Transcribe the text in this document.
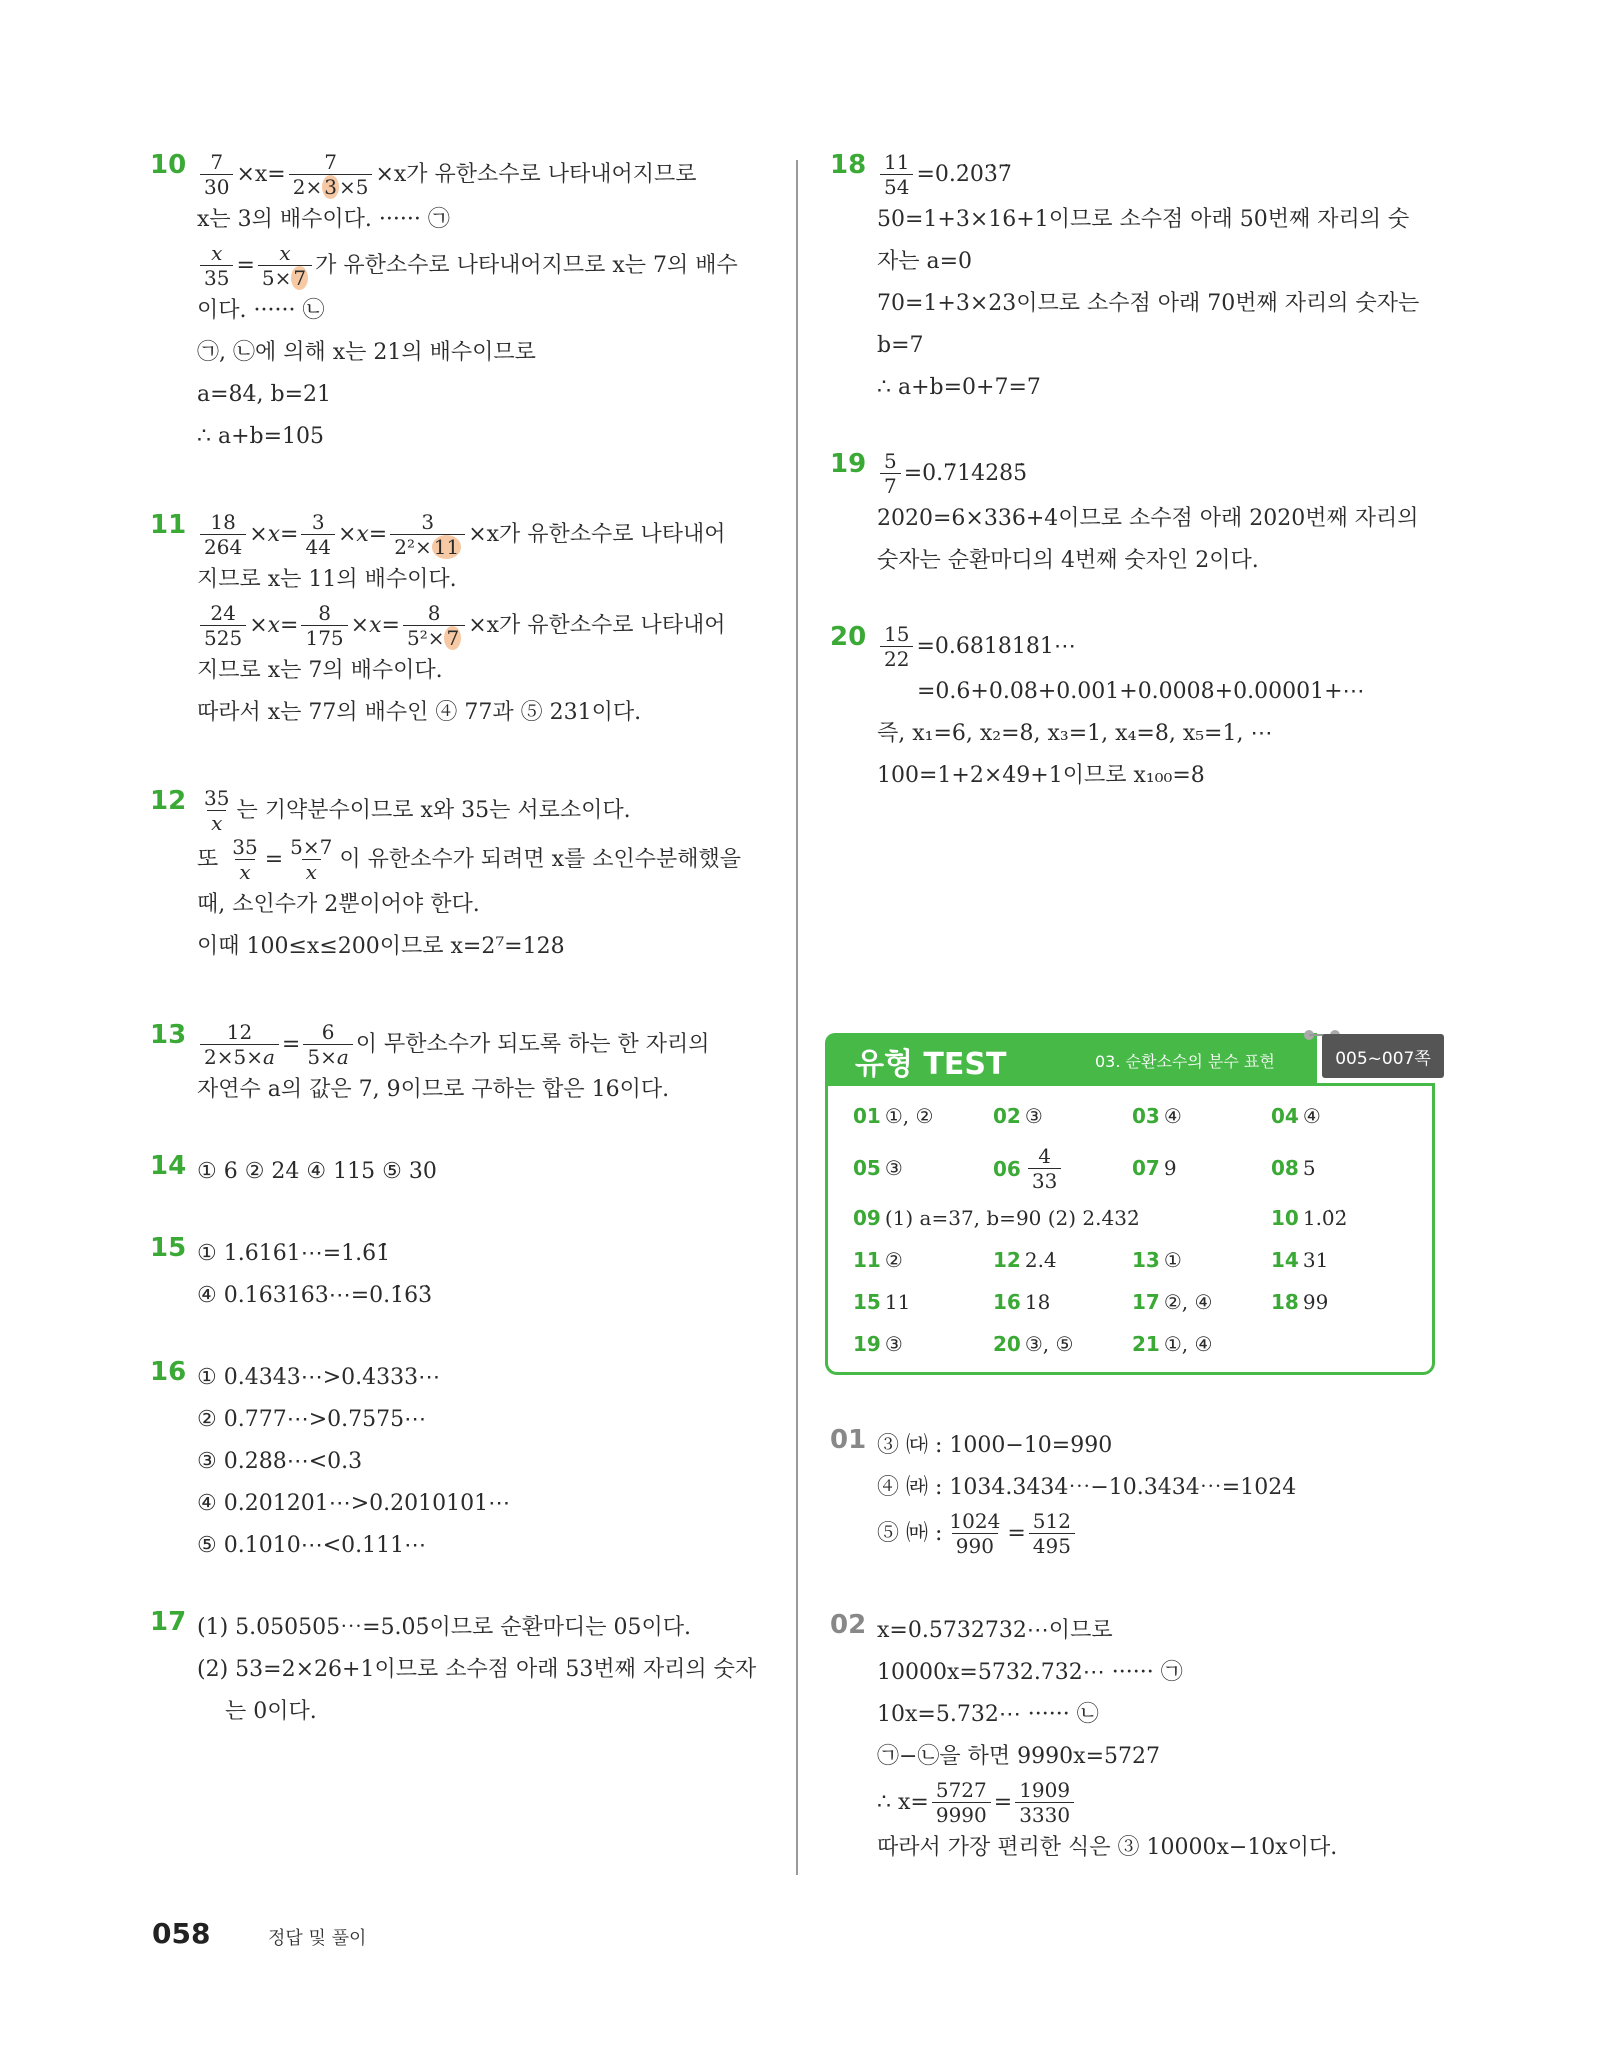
$10 \frac{7}{30} \times x= \frac{7}{2\times 3 \times 5} \times x$가 유한소수로 나타내어지므로
x는 3의 배수이다. ······ ㉠
$\frac{x}{35} = \frac{x}{5\times 7}$ 가 유한소수로 나타내어지므로 x는 7의 배수
이다. ······ ㉡
㉠, ㉡에 의해 x는 21의 배수이므로
a=84, b=21
∴ a+b=105
$11 \frac{18}{264} \times x = \frac{3}{44} \times x = \frac{3}{\text{2²× 11}} \times x$가 유한소수로 나타내어
지므로 x는 11의 배수이다.
$\frac{24}{525} \times x = \frac{8}{175} \times x = \frac{8}{\text{5²× 7}} \times x$가 유한소수로 나타내어
지므로 x는 7의 배수이다.
따라서 x는 77의 배수인 ④ 77과 ⑤ 231이다.
$12 \frac{35}{x}$ 는 기약분수이므로 x와 35는 서로소이다.
또
$\frac{35}{x} = \frac{5\times 7}{x}$ 이 유한소수가 되려면 x를 소인수분해했을
때, 소인수가 2뿐이어야 한다.
이때 100≤x≤200이므로 x=2⁷=128
$13 \frac{12}{2\times 5\times a} = \frac{6}{5\times a}$ 이 무한소수가 되도록 하는 한 자리의
자연수 a의 값은 7, 9이므로 구하는 합은 16이다.
14 ① 6 ② 24 ④ 115 ⑤ 30
15 ① 1.6161⋯=1.6̇1̇
④ 0.163163⋯=0.1̇63̇
16 ① 0.4343⋯>0.4333⋯
② 0.777⋯>0.7575⋯
③ 0.288⋯<0.3
④ 0.201201⋯>0.2010101⋯
⑤ 0.1010⋯<0.111⋯
17 (1) 5.050505⋯=5.0̇5̇이므로 순환마디는 05이다.
(2) 53=2×26+1이므로 소수점 아래 53번째 자리의 숫자
는 0이다.
$18 \frac{11}{54}$ =0.2̇03̇7̇
50=1+3×16+1이므로 소수점 아래 50번째 자리의 숫
자는 a=0
70=1+3×23이므로 소수점 아래 70번째 자리의 숫자는
b=7
∴ a+b=0+7=7
$19 \frac{5}{7}$ =0.7̇14285̇
2020=6×336+4이므로 소수점 아래 2020번째 자리의
숫자는 순환마디의 4번째 숫자인 2이다.
$20 \frac{15}{22}$ =0.6818181⋯
=0.6+0.08+0.001+0.0008+0.00001+⋯
즉, x₁=6, x₂=8, x₃=1, x₄=8, x₅=1, ⋯
100=1+2×49+1이므로 x₁₀₀=8
유형 TEST	03. 순환소수의 분수 표현	005~007쪽
01 ①, ②	02 ③	03 ④	04 ④
05 ③	$06 \frac{4}{33}$	07 9	08 5
09 (1) a=37, b=90 (2) 2.4̇32̇	10 1.0̇2̇
11 ②	12 2.4̇	13 ①	14 31
15 11	16 18	17 ②, ④	18 99
19 ③	20 ③, ⑤	21 ①, ④
01 ③ ㈐ : 1000−10=990
④ ㈑ : 1034.3434⋯−10.3434⋯=1024
⑤ ㈒ : $\frac{1024}{990} = \frac{512}{495}$
02 x=0.5732732⋯이므로
10000x=5732.732⋯ ······ ㉠
10x=5.732⋯ ······ ㉡
㉠−㉡을 하면 9990x=5727
∴ $x= \frac{5727}{9990} = \frac{1909}{3330}$
따라서 가장 편리한 식은 ③ 10000x−10x이다.
058	정답 및 풀이
